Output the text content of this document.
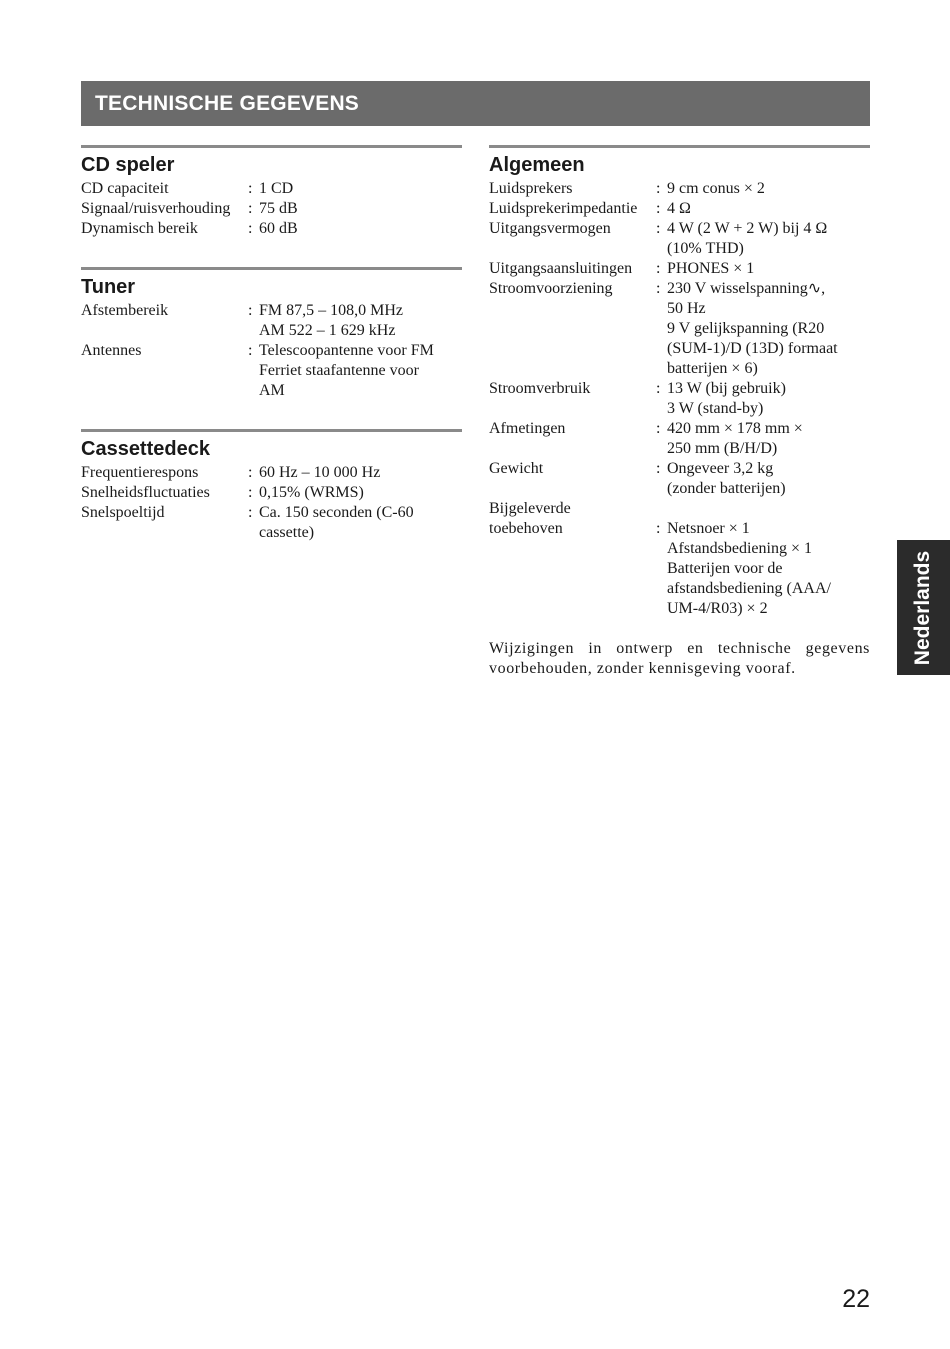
TECHNISCHE GEGEVENS
CD speler
CD capaciteit	: 1 CD
Signaal/ruisverhouding	: 75 dB
Dynamisch bereik	: 60 dB
Tuner
Afstembereik	: FM 87,5 – 108,0 MHz
AM 522 – 1 629 kHz
Antennes	: Telescoopantenne voor FM
Ferriet staafantenne voor
AM
Cassettedeck
Frequentierespons	: 60 Hz – 10 000 Hz
Snelheidsfluctuaties	: 0,15% (WRMS)
Snelspoeltijd	: Ca. 150 seconden (C-60
cassette)
Algemeen
Luidsprekers	: 9 cm conus × 2
Luidsprekerimpedantie	: 4 Ω
Uitgangsvermogen	: 4 W (2 W + 2 W) bij 4 Ω
(10% THD)
Uitgangsaansluitingen	: PHONES × 1
Stroomvoorziening	: 230 V wisselspanning∿,
50 Hz
9 V gelijkspanning (R20
(SUM-1)/D (13D) formaat
batterijen × 6)
Stroomverbruik	: 13 W (bij gebruik)
3 W (stand-by)
Afmetingen	: 420 mm × 178 mm ×
250 mm (B/H/D)
Gewicht	: Ongeveer 3,2 kg
(zonder batterijen)
Bijgeleverde
toebehoven	: Netsnoer × 1
Afstandsbediening × 1
Batterijen voor de
afstandsbediening (AAA/
UM-4/R03) × 2

Wijzigingen in ontwerp en technische gegevens voorbehouden, zonder kennisgeving vooraf.

Nederlands
22
